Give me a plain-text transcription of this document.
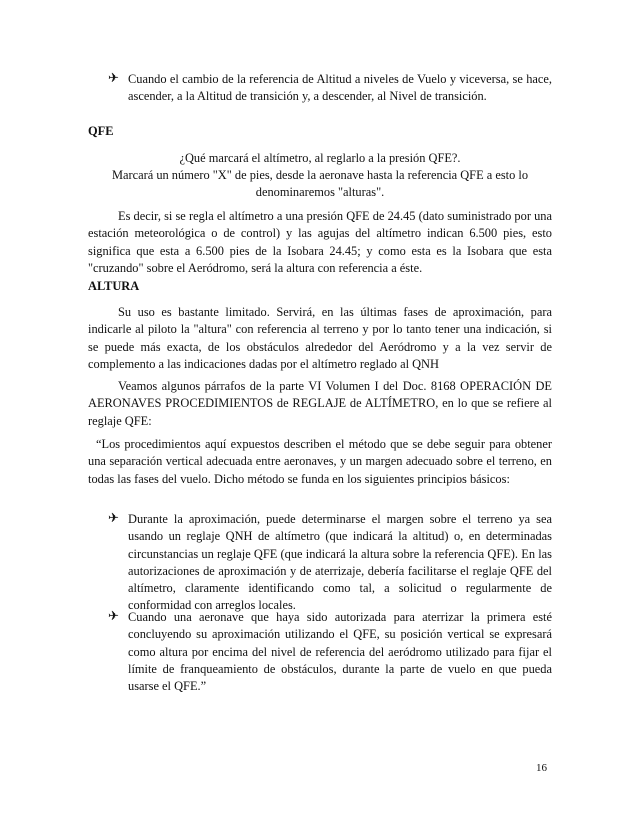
✈ Cuando el cambio de la referencia de Altitud a niveles de Vuelo y viceversa, se hace, ascender, a la Altitud de transición y, a descender, al Nivel de transición.
QFE
¿Qué marcará el altímetro, al reglarlo a la presión QFE?.
Marcará un número "X" de pies, desde la aeronave hasta la referencia QFE a esto lo
denominaremos "alturas".
Es decir, si se regla el altímetro a una presión QFE de 24.45 (dato suministrado por una estación meteorológica o de control) y las agujas del altímetro indican 6.500 pies, esto significa que esta a 6.500 pies de la Isobara 24.45; y como esta es la Isobara que esta "cruzando" sobre el Aeródromo, será la altura con referencia a éste.
ALTURA
Su uso es bastante limitado. Servirá, en las últimas fases de aproximación, para indicarle al piloto la "altura" con referencia al terreno y por lo tanto tener una indicación, si se puede más exacta, de los obstáculos alrededor del Aeródromo y a la vez servir de complemento a las indicaciones dadas por el altímetro reglado al QNH
Veamos algunos párrafos de la parte VI Volumen I del Doc. 8168 OPERACIÓN DE AERONAVES PROCEDIMIENTOS de REGLAJE de ALTÍMETRO, en lo que se refiere al reglaje QFE:
“Los procedimientos aquí expuestos describen el método que se debe seguir para obtener una separación vertical adecuada entre aeronaves, y un margen adecuado sobre el terreno, en todas las fases del vuelo. Dicho método se funda en los siguientes principios básicos:
✈ Durante la aproximación, puede determinarse el margen sobre el terreno ya sea usando un reglaje QNH de altímetro (que indicará la altitud) o, en determinadas circunstancias un reglaje QFE (que indicará la altura sobre la referencia QFE). En las autorizaciones de aproximación y de aterrizaje, debería facilitarse el reglaje QFE del altímetro, claramente identificando como tal, a solicitud o regularmente de conformidad con arreglos locales.
✈ Cuando una aeronave que haya sido autorizada para aterrizar la primera esté concluyendo su aproximación utilizando el QFE, su posición vertical se expresará como altura por encima del nivel de referencia del aeródromo utilizado para fijar el límite de franqueamiento de obstáculos, durante la parte de vuelo en que pueda usarse el QFE.”
16
